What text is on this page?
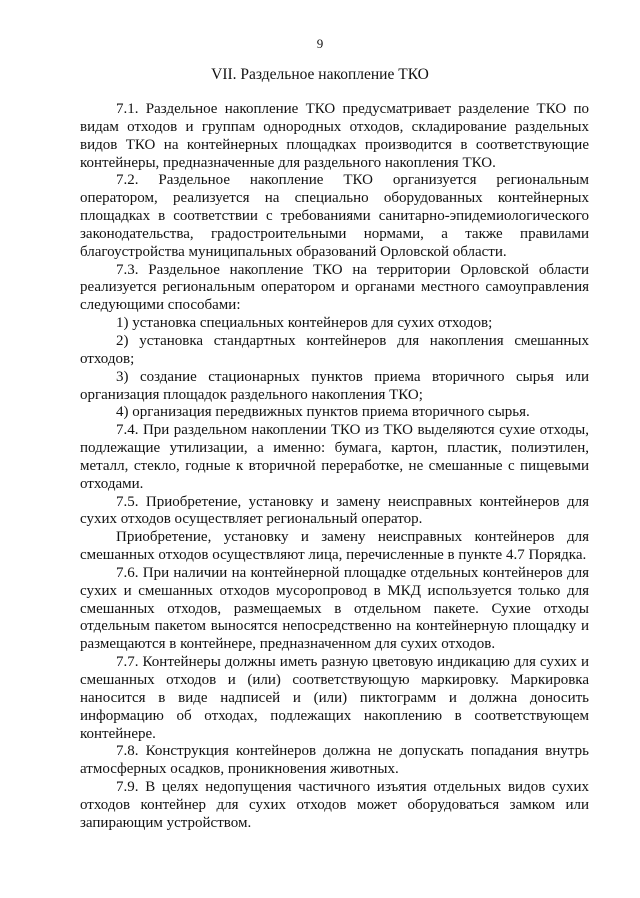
9
VII. Раздельное накопление ТКО

7.1. Раздельное накопление ТКО предусматривает разделение ТКО по видам отходов и группам однородных отходов, складирование раздельных видов ТКО на контейнерных площадках производится в соответствующие контейнеры, предназначенные для раздельного накопления ТКО.

7.2. Раздельное накопление ТКО организуется региональным оператором, реализуется на специально оборудованных контейнерных площадках в соответствии с требованиями санитарно-эпидемиологического законодательства, градостроительными нормами, а также правилами благоустройства муниципальных образований Орловской области.

7.3. Раздельное накопление ТКО на территории Орловской области реализуется региональным оператором и органами местного самоуправления следующими способами:

1) установка специальных контейнеров для сухих отходов;

2) установка стандартных контейнеров для накопления смешанных отходов;

3) создание стационарных пунктов приема вторичного сырья или организация площадок раздельного накопления ТКО;

4) организация передвижных пунктов приема вторичного сырья.

7.4. При раздельном накоплении ТКО из ТКО выделяются сухие отходы, подлежащие утилизации, а именно: бумага, картон, пластик, полиэтилен, металл, стекло, годные к вторичной переработке, не смешанные с пищевыми отходами.

7.5. Приобретение, установку и замену неисправных контейнеров для сухих отходов осуществляет региональный оператор.

Приобретение, установку и замену неисправных контейнеров для смешанных отходов осуществляют лица, перечисленные в пункте 4.7 Порядка.

7.6. При наличии на контейнерной площадке отдельных контейнеров для сухих и смешанных отходов мусоропровод в МКД используется только для смешанных отходов, размещаемых в отдельном пакете. Сухие отходы отдельным пакетом выносятся непосредственно на контейнерную площадку и размещаются в контейнере, предназначенном для сухих отходов.

7.7. Контейнеры должны иметь разную цветовую индикацию для сухих и смешанных отходов и (или) соответствующую маркировку. Маркировка наносится в виде надписей и (или) пиктограмм и должна доносить информацию об отходах, подлежащих накоплению в соответствующем контейнере.

7.8. Конструкция контейнеров должна не допускать попадания внутрь атмосферных осадков, проникновения животных.

7.9. В целях недопущения частичного изъятия отдельных видов сухих отходов контейнер для сухих отходов может оборудоваться замком или запирающим устройством.
